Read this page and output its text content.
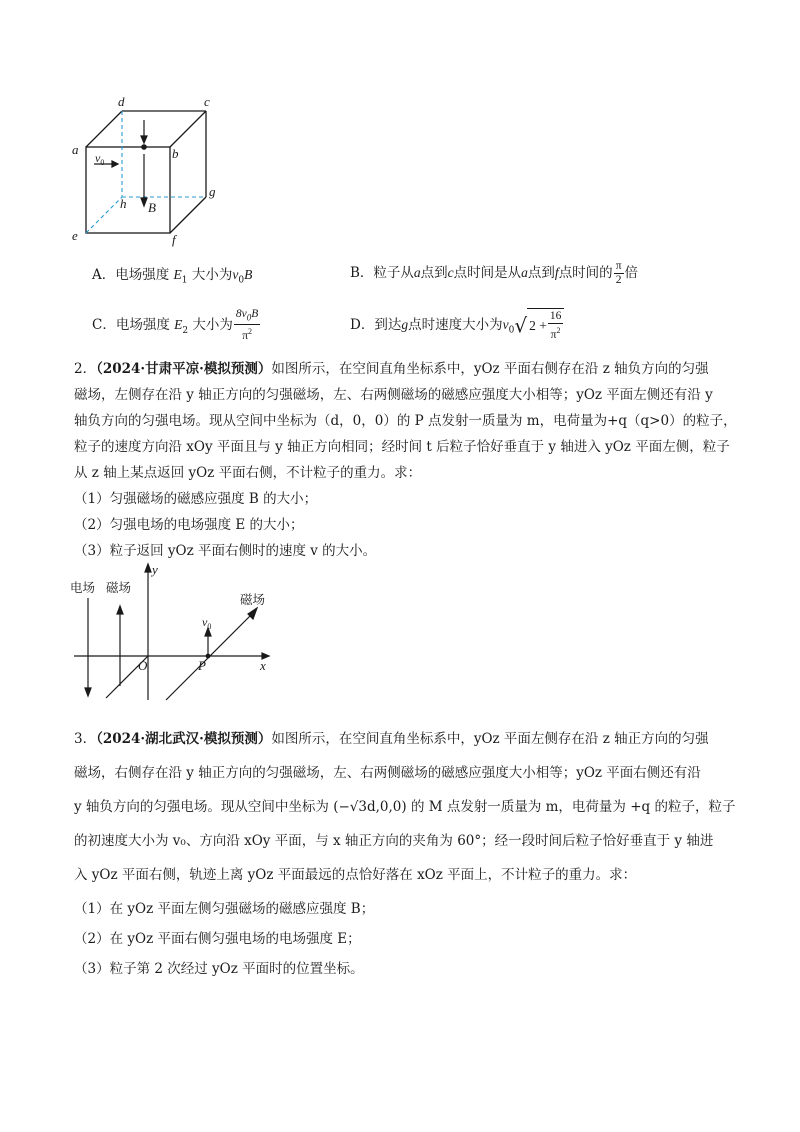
d	c
a	b
g
h B
e	f
$v_0$
A．电场强度 $E_1$ 大小为$v_0B$	B．粒子从a点到c点时间是从a点到f点时间的 $\frac{\pi}{2}$ 倍
C．电场强度 $E_2$ 大小为 $\frac{8v_0B}{\pi^2}$	D．到达g点时速度大小为$v_0√$ $2 + \frac{16}{\pi^2}$
2．（2024·甘肃平凉·模拟预测）如图所示，在空间直角坐标系中，yOz 平面右侧存在沿 z 轴负方向的匀强
磁场，左侧存在沿 y 轴正方向的匀强磁场，左、右两侧磁场的磁感应强度大小相等；yOz 平面左侧还有沿 y
轴负方向的匀强电场。现从空间中坐标为（d，0，0）的 P 点发射一质量为 m，电荷量为+q（q>0）的粒子，
粒子的速度方向沿 xOy 平面且与 y 轴正方向相同；经时间 t 后粒子恰好垂直于 y 轴进入 yOz 平面左侧，粒子
从 z 轴上某点返回 yOz 平面右侧，不计粒子的重力。求：
（1）匀强磁场的磁感应强度 B 的大小；
（2）匀强电场的电场强度 E 的大小；
（3）粒子返回 yOz 平面右侧时的速度 v 的大小。
电场 磁场
磁场
y
x
O	P
$v_0$
3．（2024·湖北武汉·模拟预测）如图所示，在空间直角坐标系中，yOz 平面左侧存在沿 z 轴正方向的匀强
磁场，右侧存在沿 y 轴正方向的匀强磁场，左、右两侧磁场的磁感应强度大小相等；yOz 平面右侧还有沿
y 轴负方向的匀强电场。现从空间中坐标为 (−√3d,0,0) 的 M 点发射一质量为 m，电荷量为 +q 的粒子，粒子
的初速度大小为 v₀、方向沿 xOy 平面，与 x 轴正方向的夹角为 60°；经一段时间后粒子恰好垂直于 y 轴进
入 yOz 平面右侧，轨迹上离 yOz 平面最远的点恰好落在 xOz 平面上，不计粒子的重力。求：
（1）在 yOz 平面左侧匀强磁场的磁感应强度 B；
（2）在 yOz 平面右侧匀强电场的电场强度 E；
（3）粒子第 2 次经过 yOz 平面时的位置坐标。
